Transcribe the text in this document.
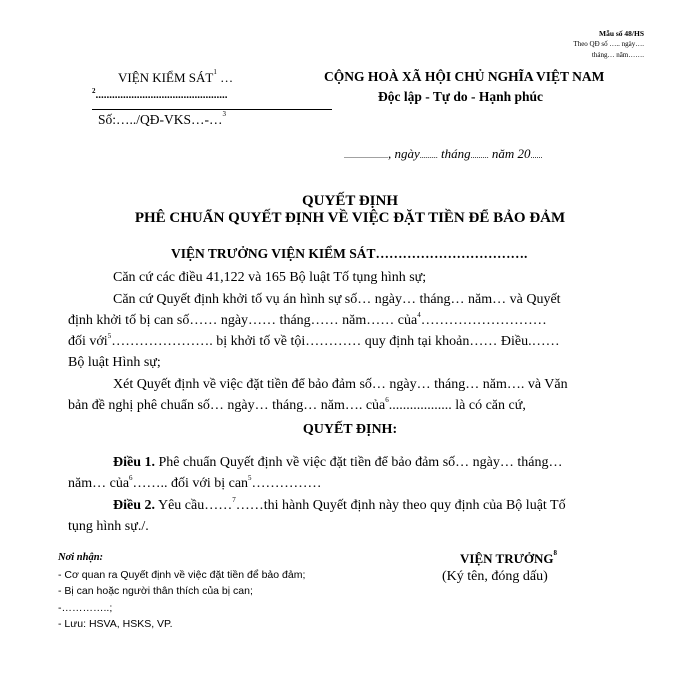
Mẫu số 48/HS
Theo QĐ số ….. ngày….
tháng… năm…….
VIỆN KIỂM SÁT$^1$ …
$^2$................................................
Số:…../QĐ-VKS…-…$^3$
CỘNG HOÀ XÃ HỘI CHỦ NGHĨA VIỆT NAM
Độc lập - Tự do - Hạnh phúc
......................, ngày......... tháng......... năm 20......
QUYẾT ĐỊNH
PHÊ CHUẨN QUYẾT ĐỊNH VỀ VIỆC ĐẶT TIỀN ĐỂ BẢO ĐẢM
VIỆN TRƯỞNG VIỆN KIỂM SÁT…………………………….
Căn cứ các điều 41,122 và 165 Bộ luật Tố tụng hình sự;
Căn cứ Quyết định khởi tố vụ án hình sự số… ngày… tháng… năm… và Quyết
định khởi tố bị can số…… ngày…… tháng…… năm…… của$^4$………………………
đối với$^5$…………………. bị khởi tố về tội………… quy định tại khoản…… Điều.……
Bộ luật Hình sự;
Xét Quyết định về việc đặt tiền để bảo đảm số… ngày… tháng… năm…. và Văn
bản đề nghị phê chuẩn số… ngày… tháng… năm…. của$^6$.................. là có căn cứ,
QUYẾT ĐỊNH:
Điều 1. Phê chuẩn Quyết định về việc đặt tiền để bảo đảm số… ngày… tháng…
năm… của$^6$…….. đối với bị can$^5$……………
Điều 2. Yêu cầu……$^7$……thi hành Quyết định này theo quy định của Bộ luật Tố
tụng hình sự./.
Nơi nhận:
- Cơ quan ra Quyết định về việc đặt tiền để bảo đảm;
- Bị can hoặc người thân thích của bị can;
-…………..;
- Lưu: HSVA, HSKS, VP.
VIỆN TRƯỞNG$^8$
(Ký tên, đóng dấu)
